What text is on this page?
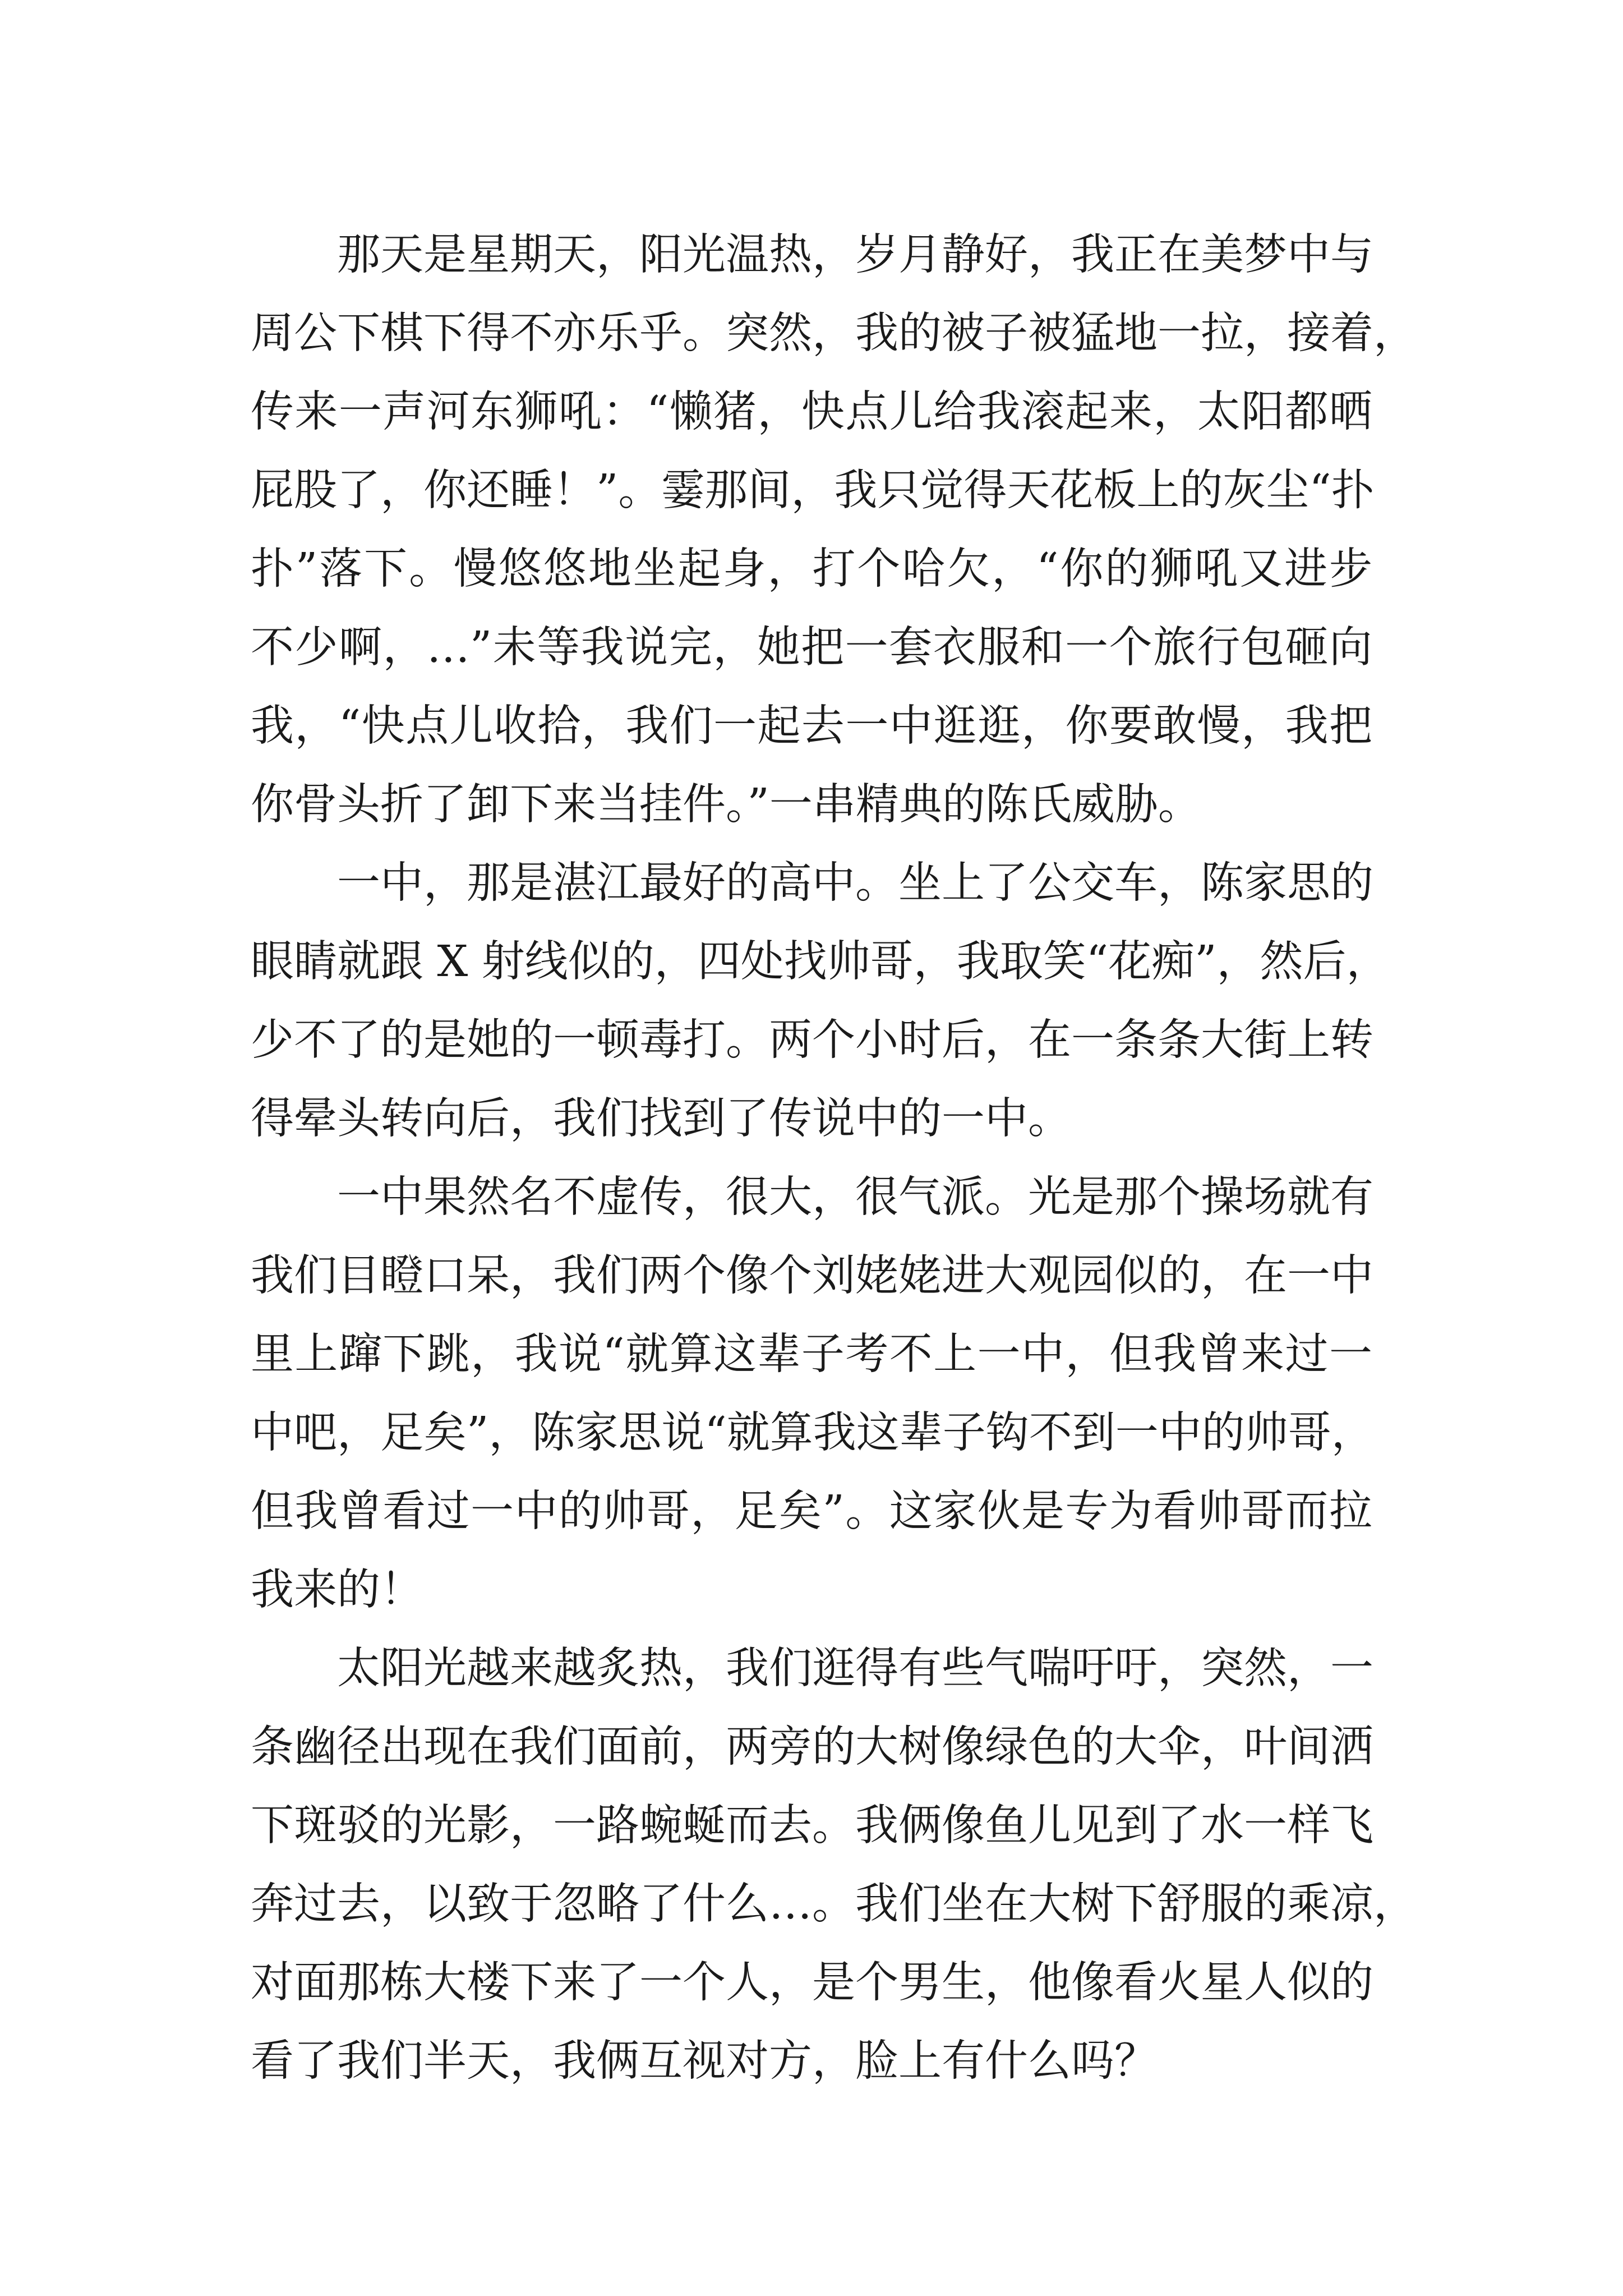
那天是星期天，阳光温热，岁月静好，我正在美梦中与
周公下棋下得不亦乐乎。突然，我的被子被猛地一拉，接着，
传来一声河东狮吼：“懒猪，快点儿给我滚起来，太阳都晒
屁股了，你还睡！”。霎那间，我只觉得天花板上的灰尘“扑
扑”落下。慢悠悠地坐起身，打个哈欠，“你的狮吼又进步
不少啊，…”未等我说完，她把一套衣服和一个旅行包砸向
我，“快点儿收拾，我们一起去一中逛逛，你要敢慢，我把
你骨头折了卸下来当挂件。”一串精典的陈氏威胁。
一中，那是湛江最好的高中。坐上了公交车，陈家思的
眼睛就跟 X 射线似的，四处找帅哥，我取笑“花痴”，然后，
少不了的是她的一顿毒打。两个小时后，在一条条大街上转
得晕头转向后，我们找到了传说中的一中。
一中果然名不虚传，很大，很气派。光是那个操场就有
我们目瞪口呆，我们两个像个刘姥姥进大观园似的，在一中
里上蹿下跳，我说“就算这辈子考不上一中，但我曾来过一
中吧，足矣”，陈家思说“就算我这辈子钩不到一中的帅哥，
但我曾看过一中的帅哥，足矣”。这家伙是专为看帅哥而拉
我来的！
太阳光越来越炙热，我们逛得有些气喘吁吁，突然，一
条幽径出现在我们面前，两旁的大树像绿色的大伞，叶间洒
下斑驳的光影，一路蜿蜒而去。我俩像鱼儿见到了水一样飞
奔过去，以致于忽略了什么…。我们坐在大树下舒服的乘凉，
对面那栋大楼下来了一个人，是个男生，他像看火星人似的
看了我们半天，我俩互视对方，脸上有什么吗？
